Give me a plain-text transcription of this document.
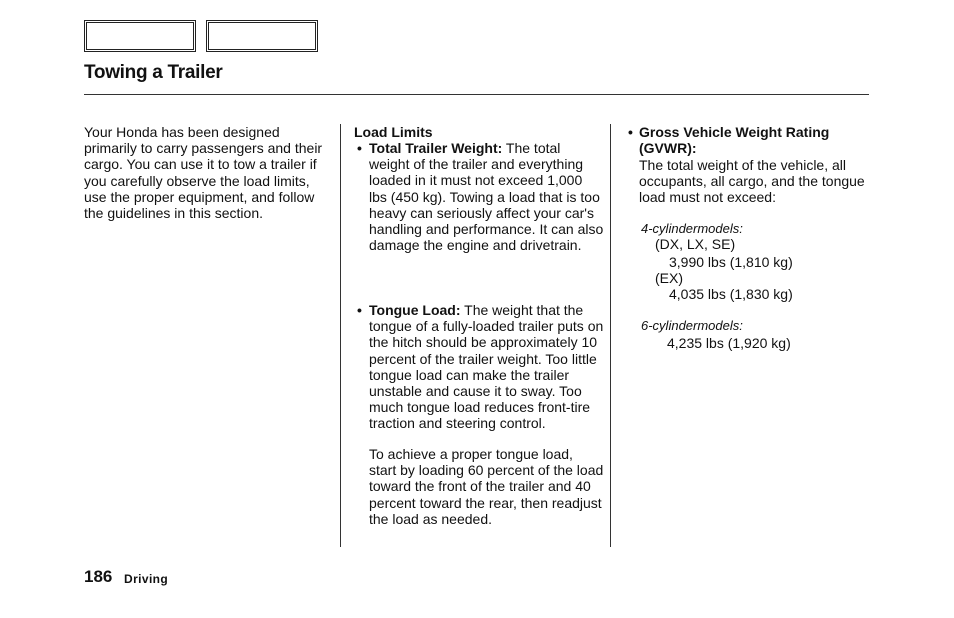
Towing a Trailer

Your Honda has been designed primarily to carry passengers and their cargo. You can use it to tow a trailer if you carefully observe the load limits, use the proper equipment, and follow the guidelines in this section.

Load Limits
• Total Trailer Weight: The total weight of the trailer and everything loaded in it must not exceed 1,000 lbs (450 kg). Towing a load that is too heavy can seriously affect your car's handling and performance. It can also damage the engine and drivetrain.

• Tongue Load: The weight that the tongue of a fully-loaded trailer puts on the hitch should be approximately 10 percent of the trailer weight. Too little tongue load can make the trailer unstable and cause it to sway. Too much tongue load reduces front-tire traction and steering control.

To achieve a proper tongue load, start by loading 60 percent of the load toward the front of the trailer and 40 percent toward the rear, then readjust the load as needed.

• Gross Vehicle Weight Rating (GVWR):

The total weight of the vehicle, all occupants, all cargo, and the tongue load must not exceed:

4-cylindermodels:
(DX, LX, SE)
3,990 lbs (1,810 kg)
(EX)
4,035 lbs (1,830 kg)
6-cylindermodels:
4,235 lbs (1,920 kg)
186 Driving
